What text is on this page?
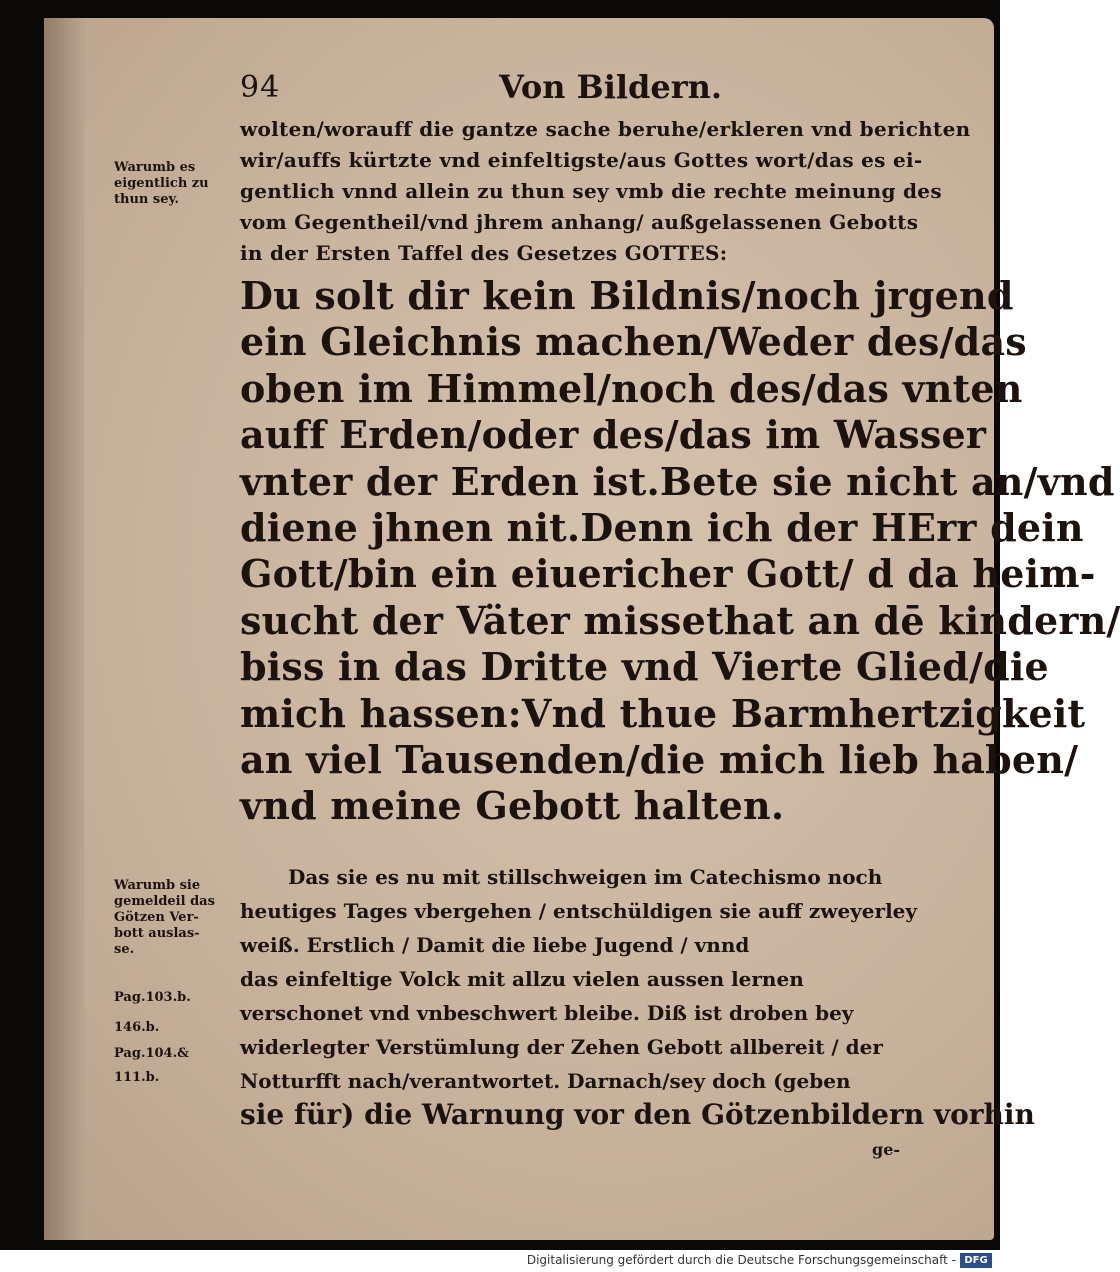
94	Von Bildern.
Warumb es
eigentlich zu
thun sey.
wolten/worauff die gantze sache beruhe/erkleren vnd berichten
wir/auffs kürtzte vnd einfeltigste/aus Gottes wort/das es ei-
gentlich vnnd allein zu thun sey vmb die rechte meinung des
vom Gegentheil/vnd jhrem anhang/ außgelassenen Gebotts
in der Ersten Taffel des Gesetzes GOTTES:
Du solt dir kein Bildnis/noch jrgend
ein Gleichnis machen/Weder des/das
oben im Himmel/noch des/das vnten
auff Erden/oder des/das im Wasser
vnter der Erden ist.Bete sie nicht an/vnd
diene jhnen nit.Denn ich der HErr dein
Gott/bin ein eiuericher Gott/ d da heim-
sucht der Väter missethat an dē kindern/
biss in das Dritte vnd Vierte Glied/die
mich hassen:Vnd thue Barmhertzigkeit
an viel Tausenden/die mich lieb haben/
vnd meine Gebott halten.
Warumb sie
gemeldeil das
Götzen Ver-
bott auslas-
se.
Pag.103.b.
146.b.
Pag.104.&
111.b.
Das sie es nu mit stillschweigen im Catechismo noch
heutiges Tages vbergehen / entschüldigen sie auff zweyerley
weiß. Erstlich / Damit die liebe Jugend / vnnd
das einfeltige Volck mit allzu vielen aussen lernen
verschonet vnd vnbeschwert bleibe. Diß ist droben bey
widerlegter Verstümlung der Zehen Gebott allbereit / der
Notturfft nach/verantwortet. Darnach/sey doch (geben
sie für) die Warnung vor den Götzenbildern vorhin
ge-
Digitalisierung gefördert durch die Deutsche Forschungsgemeinschaft - DFG
